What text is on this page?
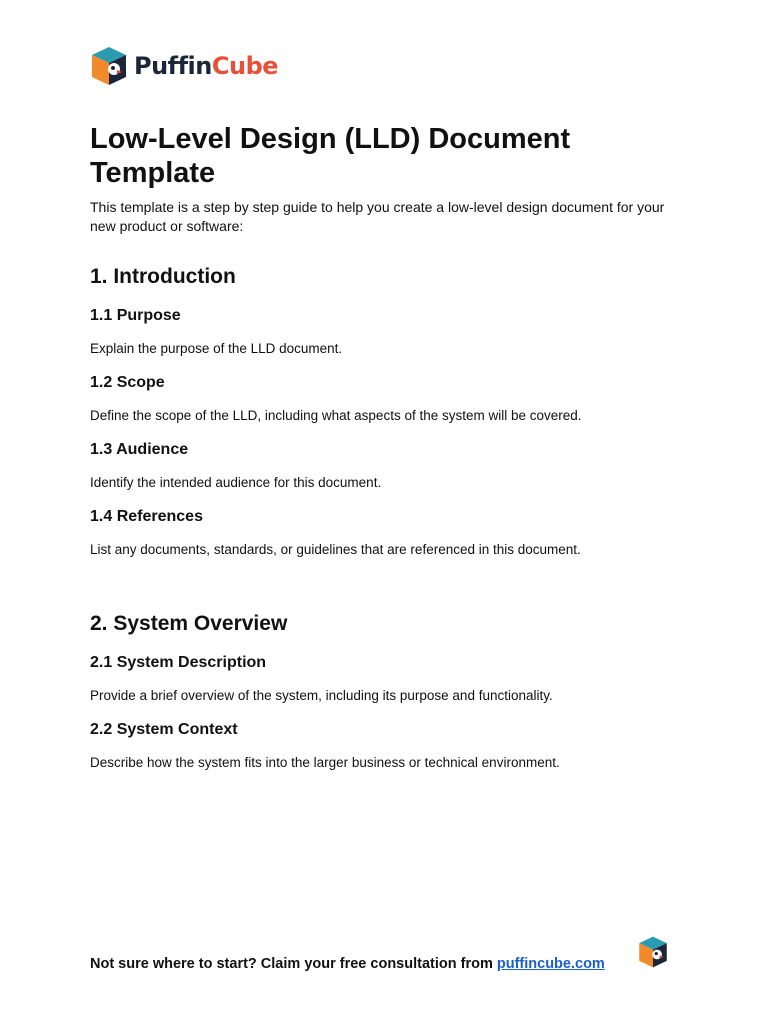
PuffinCube
Low-Level Design (LLD) Document Template

This template is a step by step guide to help you create a low-level design document for your new product or software:

1. Introduction
1.1 Purpose

Explain the purpose of the LLD document.

1.2 Scope

Define the scope of the LLD, including what aspects of the system will be covered.

1.3 Audience

Identify the intended audience for this document.

1.4 References

List any documents, standards, or guidelines that are referenced in this document.

2. System Overview
2.1 System Description

Provide a brief overview of the system, including its purpose and functionality.

2.2 System Context

Describe how the system fits into the larger business or technical environment.

Not sure where to start? Claim your free consultation from puffincube.com
